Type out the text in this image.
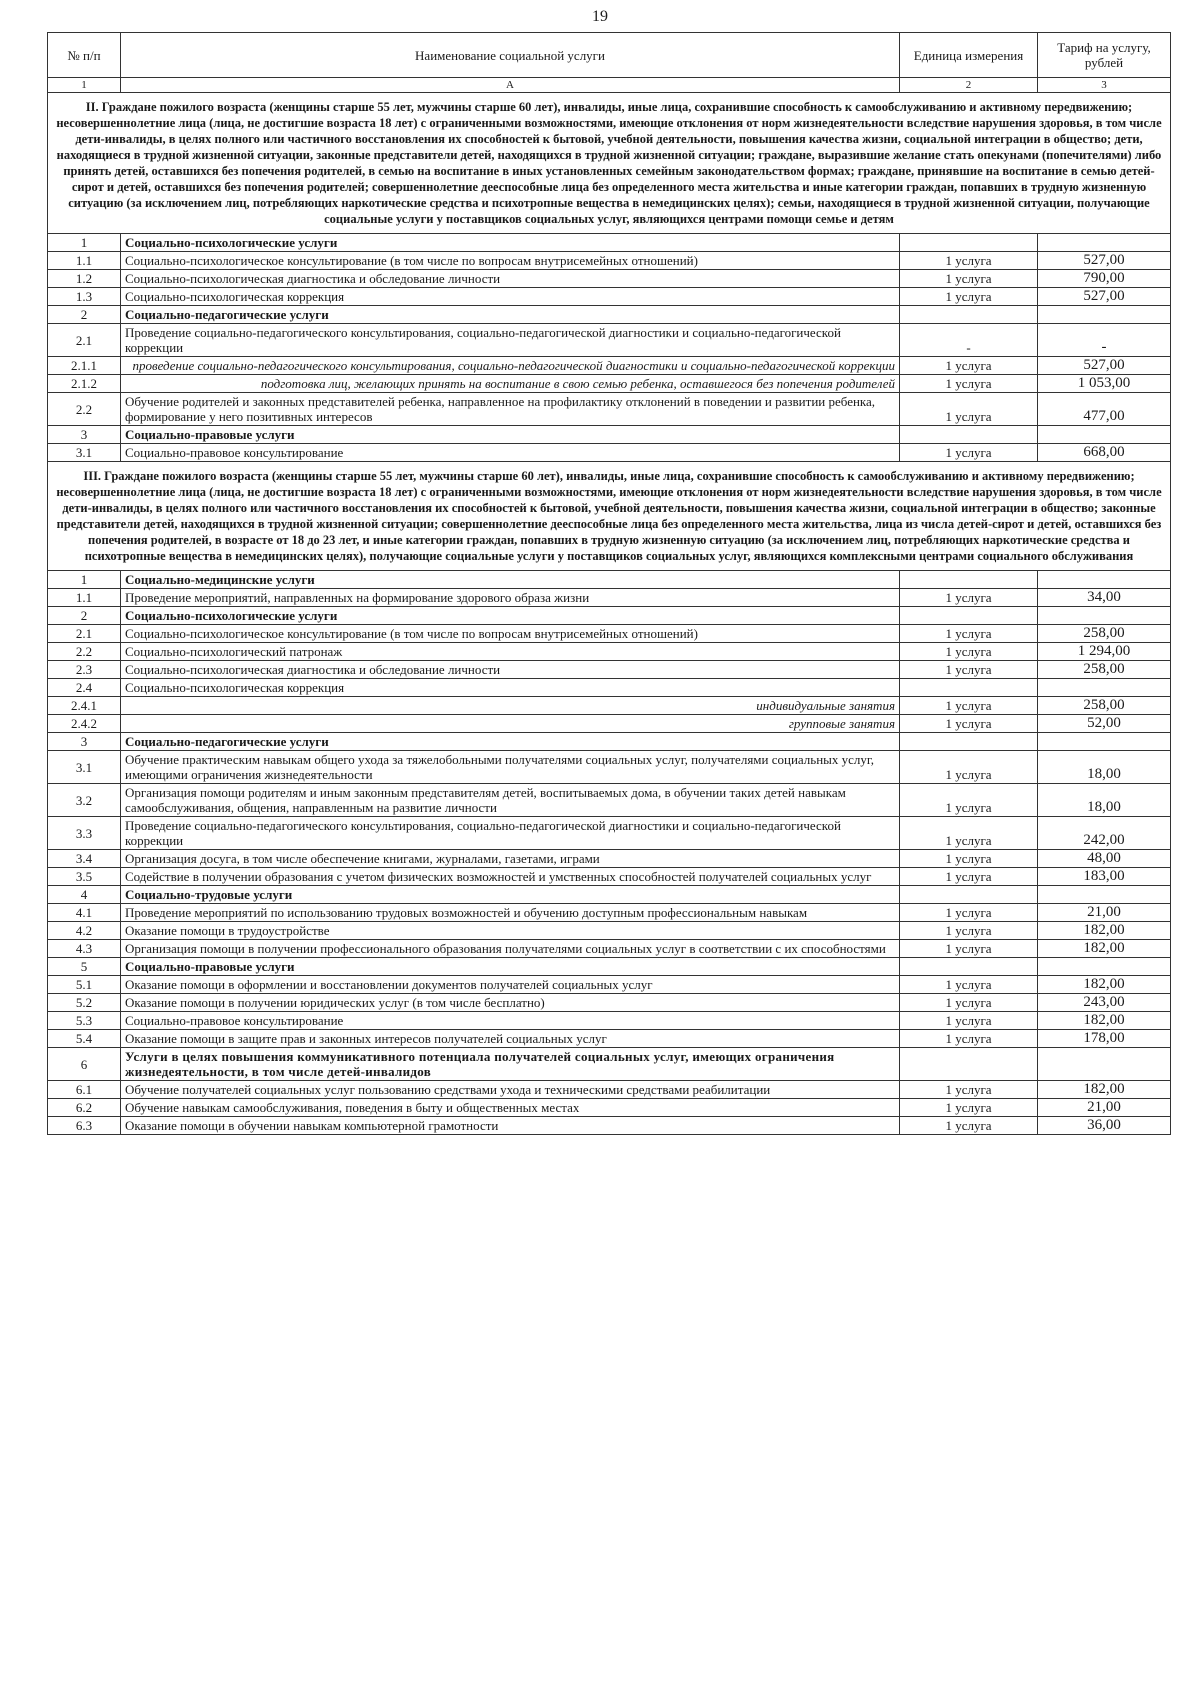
19
№ п/п	Наименование социальной услуги	Единица измерения	Тариф на услугу, рублей
1	А	2	3
II. Граждане пожилого возраста (женщины старше 55 лет, мужчины старше 60 лет), инвалиды, иные лица, сохранившие способность к самообслуживанию и активному передвижению; несовершеннолетние лица (лица, не достигшие возраста 18 лет) с ограниченными возможностями, имеющие отклонения от норм жизнедеятельности вследствие нарушения здоровья, в том числе дети-инвалиды, в целях полного или частичного восстановления их способностей к бытовой, учебной деятельности, повышения качества жизни, социальной интеграции в общество; дети, находящиеся в трудной жизненной ситуации, законные представители детей, находящихся в трудной жизненной ситуации; граждане, выразившие желание стать опекунами (попечителями) либо принять детей, оставшихся без попечения родителей, в семью на воспитание в иных установленных семейным законодательством формах; граждане, принявшие на воспитание в семью детей-сирот и детей, оставшихся без попечения родителей; совершеннолетние дееспособные лица без определенного места жительства и иные категории граждан, попавших в трудную жизненную ситуацию (за исключением лиц, потребляющих наркотические средства и психотропные вещества в немедицинских целях); семьи, находящиеся в трудной жизненной ситуации, получающие социальные услуги у поставщиков социальных услуг, являющихся центрами помощи семье и детям			
1	Социально-психологические услуги		
1.1	Социально-психологическое консультирование (в том числе по вопросам внутрисемейных отношений)	1 услуга	527,00
1.2	Социально-психологическая диагностика и обследование личности	1 услуга	790,00
1.3	Социально-психологическая коррекция	1 услуга	527,00
2	Социально-педагогические услуги		
2.1	Проведение социально-педагогического консультирования, социально-педагогической диагностики и социально-педагогической коррекции	-	-
2.1.1	проведение социально-педагогического консультирования, социально-педагогической диагностики и социально-педагогической коррекции	1 услуга	527,00
2.1.2	подготовка лиц, желающих принять на воспитание в свою семью ребенка, оставшегося без попечения родителей	1 услуга	1 053,00
2.2	Обучение родителей и законных представителей ребенка, направленное на профилактику отклонений в поведении и развитии ребенка, формирование у него позитивных интересов	1 услуга	477,00
3	Социально-правовые услуги		
3.1	Социально-правовое консультирование	1 услуга	668,00
III. Граждане пожилого возраста (женщины старше 55 лет, мужчины старше 60 лет), инвалиды, иные лица, сохранившие способность к самообслуживанию и активному передвижению; несовершеннолетние лица (лица, не достигшие возраста 18 лет) с ограниченными возможностями, имеющие отклонения от норм жизнедеятельности вследствие нарушения здоровья, в том числе дети-инвалиды, в целях полного или частичного восстановления их способностей к бытовой, учебной деятельности, повышения качества жизни, социальной интеграции в общество; законные представители детей, находящихся в трудной жизненной ситуации; совершеннолетние дееспособные лица без определенного места жительства, лица из числа детей-сирот и детей, оставшихся без попечения родителей, в возрасте от 18 до 23 лет, и иные категории граждан, попавших в трудную жизненную ситуацию (за исключением лиц, потребляющих наркотические средства и психотропные вещества в немедицинских целях), получающие социальные услуги у поставщиков социальных услуг, являющихся комплексными центрами социального обслуживания			
1	Социально-медицинские услуги		
1.1	Проведение мероприятий, направленных на формирование здорового образа жизни	1 услуга	34,00
2	Социально-психологические услуги		
2.1	Социально-психологическое консультирование (в том числе по вопросам внутрисемейных отношений)	1 услуга	258,00
2.2	Социально-психологический патронаж	1 услуга	1 294,00
2.3	Социально-психологическая диагностика и обследование личности	1 услуга	258,00
2.4	Социально-психологическая коррекция		
2.4.1	индивидуальные занятия	1 услуга	258,00
2.4.2	групповые занятия	1 услуга	52,00
3	Социально-педагогические услуги		
3.1	Обучение практическим навыкам общего ухода за тяжелобольными получателями социальных услуг, получателями социальных услуг, имеющими ограничения жизнедеятельности	1 услуга	18,00
3.2	Организация помощи родителям и иным законным представителям детей, воспитываемых дома, в обучении таких детей навыкам самообслуживания, общения, направленным на развитие личности	1 услуга	18,00
3.3	Проведение социально-педагогического консультирования, социально-педагогической диагностики и социально-педагогической коррекции	1 услуга	242,00
3.4	Организация досуга, в том числе обеспечение книгами, журналами, газетами, играми	1 услуга	48,00
3.5	Содействие в получении образования с учетом физических возможностей и умственных способностей получателей социальных услуг	1 услуга	183,00
4	Социально-трудовые услуги		
4.1	Проведение мероприятий по использованию трудовых возможностей и обучению доступным профессиональным навыкам	1 услуга	21,00
4.2	Оказание помощи в трудоустройстве	1 услуга	182,00
4.3	Организация помощи в получении профессионального образования получателями социальных услуг в соответствии с их способностями	1 услуга	182,00
5	Социально-правовые услуги		
5.1	Оказание помощи в оформлении и восстановлении документов получателей социальных услуг	1 услуга	182,00
5.2	Оказание помощи в получении юридических услуг (в том числе бесплатно)	1 услуга	243,00
5.3	Социально-правовое консультирование	1 услуга	182,00
5.4	Оказание помощи в защите прав и законных интересов получателей социальных услуг	1 услуга	178,00
6	Услуги в целях повышения коммуникативного потенциала получателей социальных услуг, имеющих ограничения жизнедеятельности, в том числе детей-инвалидов		
6.1	Обучение получателей социальных услуг пользованию средствами ухода и техническими средствами реабилитации	1 услуга	182,00
6.2	Обучение навыкам самообслуживания, поведения в быту и общественных местах	1 услуга	21,00
6.3	Оказание помощи в обучении навыкам компьютерной грамотности	1 услуга	36,00
